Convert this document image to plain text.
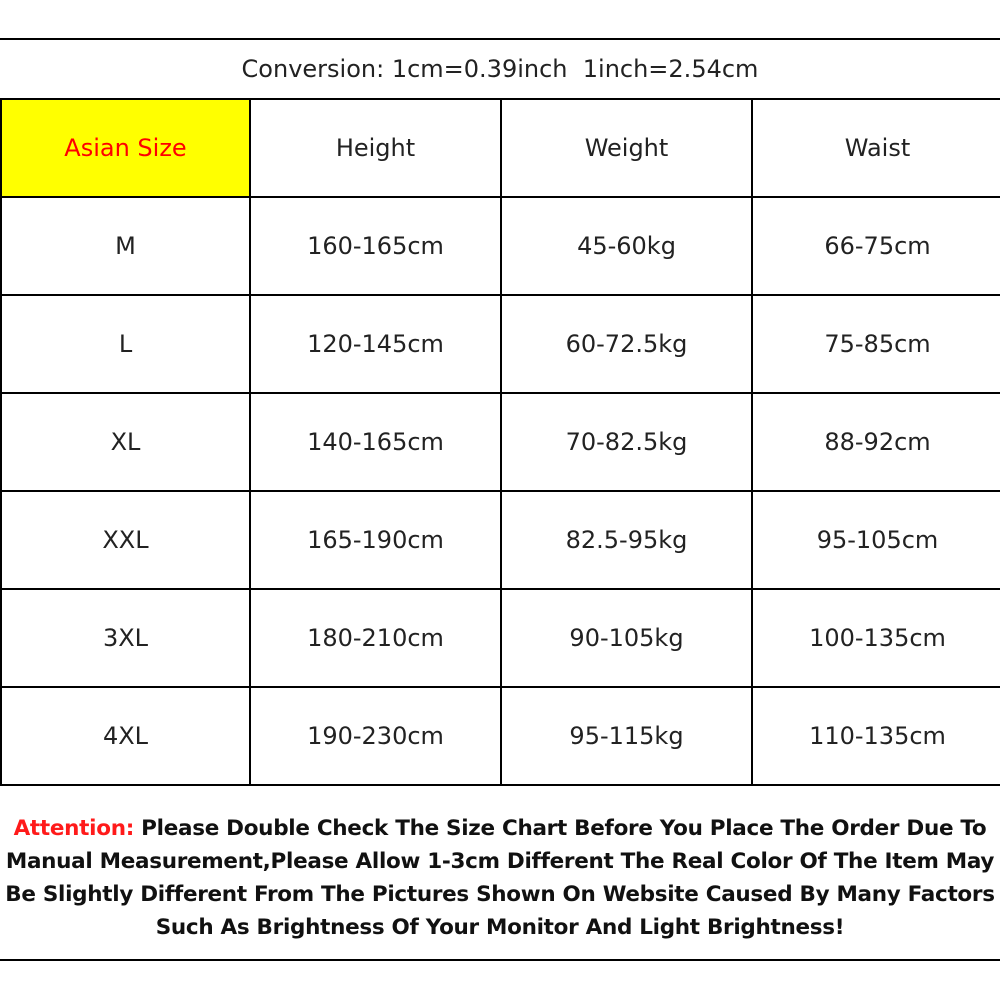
Conversion: 1cm=0.39inch  1inch=2.54cm
Asian Size	Height	Weight	Waist
M	160-165cm	45-60kg	66-75cm
L	120-145cm	60-72.5kg	75-85cm
XL	140-165cm	70-82.5kg	88-92cm
XXL	165-190cm	82.5-95kg	95-105cm
3XL	180-210cm	90-105kg	100-135cm
4XL	190-230cm	95-115kg	110-135cm
Attention: Please Double Check The Size Chart Before You Place The Order Due To Manual Measurement,Please Allow 1-3cm Different The Real Color Of The Item May Be Slightly Different From The Pictures Shown On Website Caused By Many Factors Such As Brightness Of Your Monitor And Light Brightness!
